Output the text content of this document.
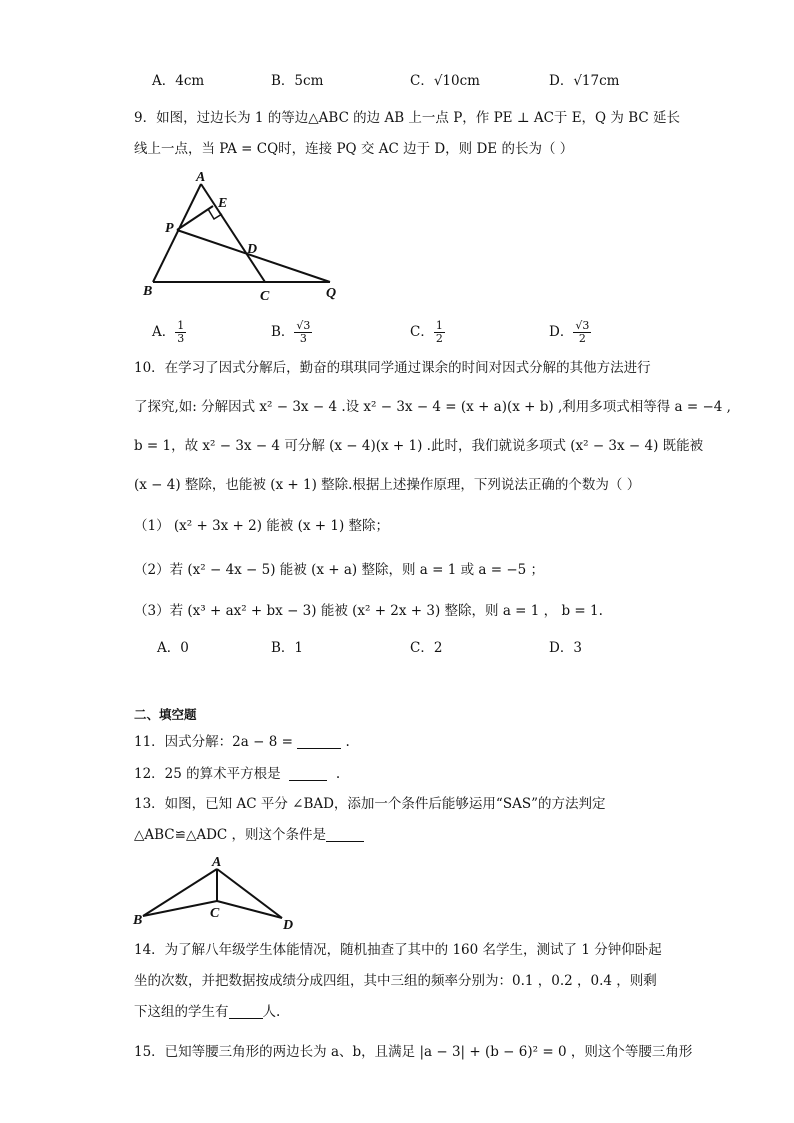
A．4cm	B．5cm	C．√10cm	D．√17cm
9．如图，过边长为 1 的等边△ABC 的边 AB 上一点 P，作 PE ⊥ AC于 E，Q 为 BC 延长
线上一点，当 PA = CQ时，连接 PQ 交 AC 边于 D，则 DE 的长为（ ）
A
E
P
D
B	C	Q
A． $\frac{1}{3}$	B． $\frac{√3}{3}$	C． $\frac{1}{2}$	D． $\frac{√3}{2}$
10．在学习了因式分解后，勤奋的琪琪同学通过课余的时间对因式分解的其他方法进行
了探究,如: 分解因式 x² − 3x − 4 .设 x² − 3x − 4 = (x + a)(x + b) ,利用多项式相等得 a = −4 ,
b = 1，故 x² − 3x − 4 可分解 (x − 4)(x + 1) .此时，我们就说多项式 (x² − 3x − 4) 既能被
(x − 4) 整除，也能被 (x + 1) 整除.根据上述操作原理，下列说法正确的个数为（ ）
（1） (x² + 3x + 2) 能被 (x + 1) 整除；
（2）若 (x² − 4x − 5) 能被 (x + a) 整除，则 a = 1 或 a = −5 ；
（3）若 (x³ + ax² + bx − 3) 能被 (x² + 2x + 3) 整除，则 a = 1 ， b = 1.
A．0	B．1	C．2	D．3
二、填空题
11．因式分解：2a − 8 =	.
12．25 的算术平方根是	.
13．如图，已知 AC 平分 ∠BAD，添加一个条件后能够运用“SAS”的方法判定
△ABC≌△ADC ，则这个条件是
A
B	C
D
14．为了解八年级学生体能情况，随机抽查了其中的 160 名学生，测试了 1 分钟仰卧起
坐的次数，并把数据按成绩分成四组，其中三组的频率分别为：0.1 ，0.2 ，0.4 ，则剩
下这组的学生有	人.
15．已知等腰三角形的两边长为 a、b，且满足 |a − 3| + (b − 6)² = 0 ，则这个等腰三角形
